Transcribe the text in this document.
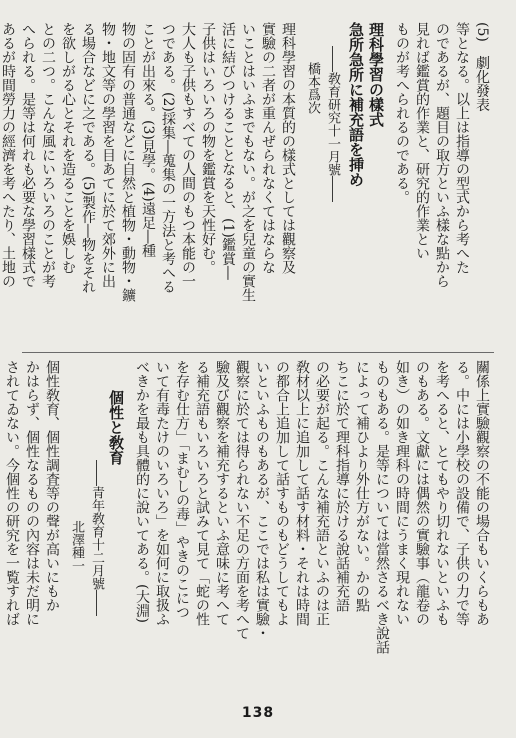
(5)　劇化發表

等となる。以上は指導の型式から考へた

のであるが、題目の取方といふ樣な點から

見れば鑑賞的作業と、研究的作業とい

ものが考へられるのである。

理科學習の樣式

急所急所に補充語を挿め

――敎育研究十一月號――

橋本爲次

理科學習の本質的の樣式としては觀察及

實驗の二者が重んぜられなくてはならな

いことはいふまでもない。が之を兒童の實生

活に結びつけることとなると、(1)鑑賞―

子供はいろいろの物を鑑賞を天性好む。

大人も子供もすべての人間のもつ本能の一

つである。(2)採集―蒐集の一方法と考へる

ことが出來る。(3)見學。(4)遠足―種

物の固有の普通などに自然と植物・動物・鑛

物・地文等の學習を目あてに於て郊外に出

る場合などに之である。(5)製作―物をそれ

を欲しがる心とそれを造ることを娛しむ

との二つ。こんな風にいろいろのことが考

へられる。是等は何れも必要な學習樣式で

あるが時間勞力の經濟を考へたり、土地の

關係上實驗觀察の不能の場合もいくらもあ

る。中には小學校の設備で、子供の力で等

を考へると、とてもやり切れないといふも

のもある。文獻には偶然の實驗事（龍卷の

如き）の如き理科の時間にうまく現れない

ものもある。是等については當然さるべき說話

によって補ひより外仕方がない。かの點

ちこに於て理科指導に於ける說話補充語

の必要が起る。こんな補充語といふのは正

敎材以上に追加して話す材料・それは時間

の都合上追加して話すものもどうしてもよ

いといふものもあるが、ここでは私は實驗・

觀察に於ては得られない不足の方面を考へて

驗及び觀察を補充するといふ意味に考へて

る補充語もいろいろと試みて見て「蛇の性

を存む仕方」「まむしの毒」やきのこにつ

いて有毒たけのいろいろ」を如何に取扱ふ

べきかを最も具體的に說いてある。(大淵)

個性と敎育

――青年敎育十二月號――

北澤種一

個性敎育、個性調査等の聲が高いにもか

かはらず、個性なるものの內容は未だ明に

されてゐない。今個性の研究を一覧すれば

138
